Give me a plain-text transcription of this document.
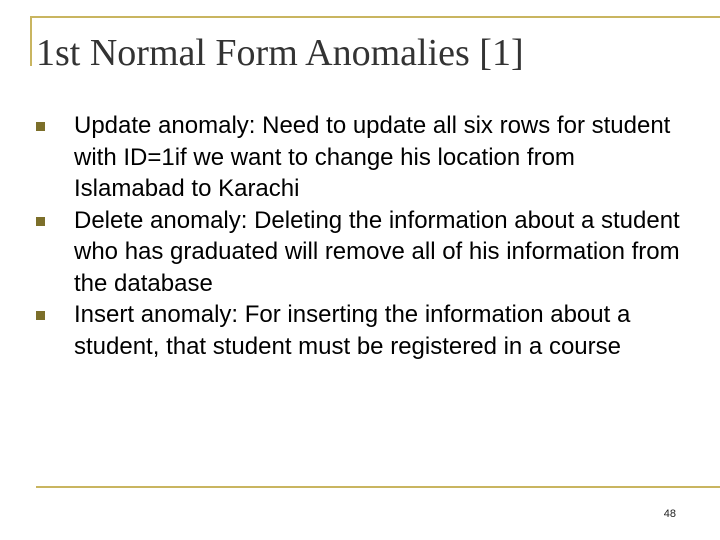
1st Normal Form Anomalies [1]
Update anomaly: Need to update all six rows for student with ID=1if we want to change his location from Islamabad to Karachi
Delete anomaly: Deleting the information about a student who has graduated will remove all of his information from the database
Insert anomaly: For inserting the information about a student, that student must be registered in a course
48
